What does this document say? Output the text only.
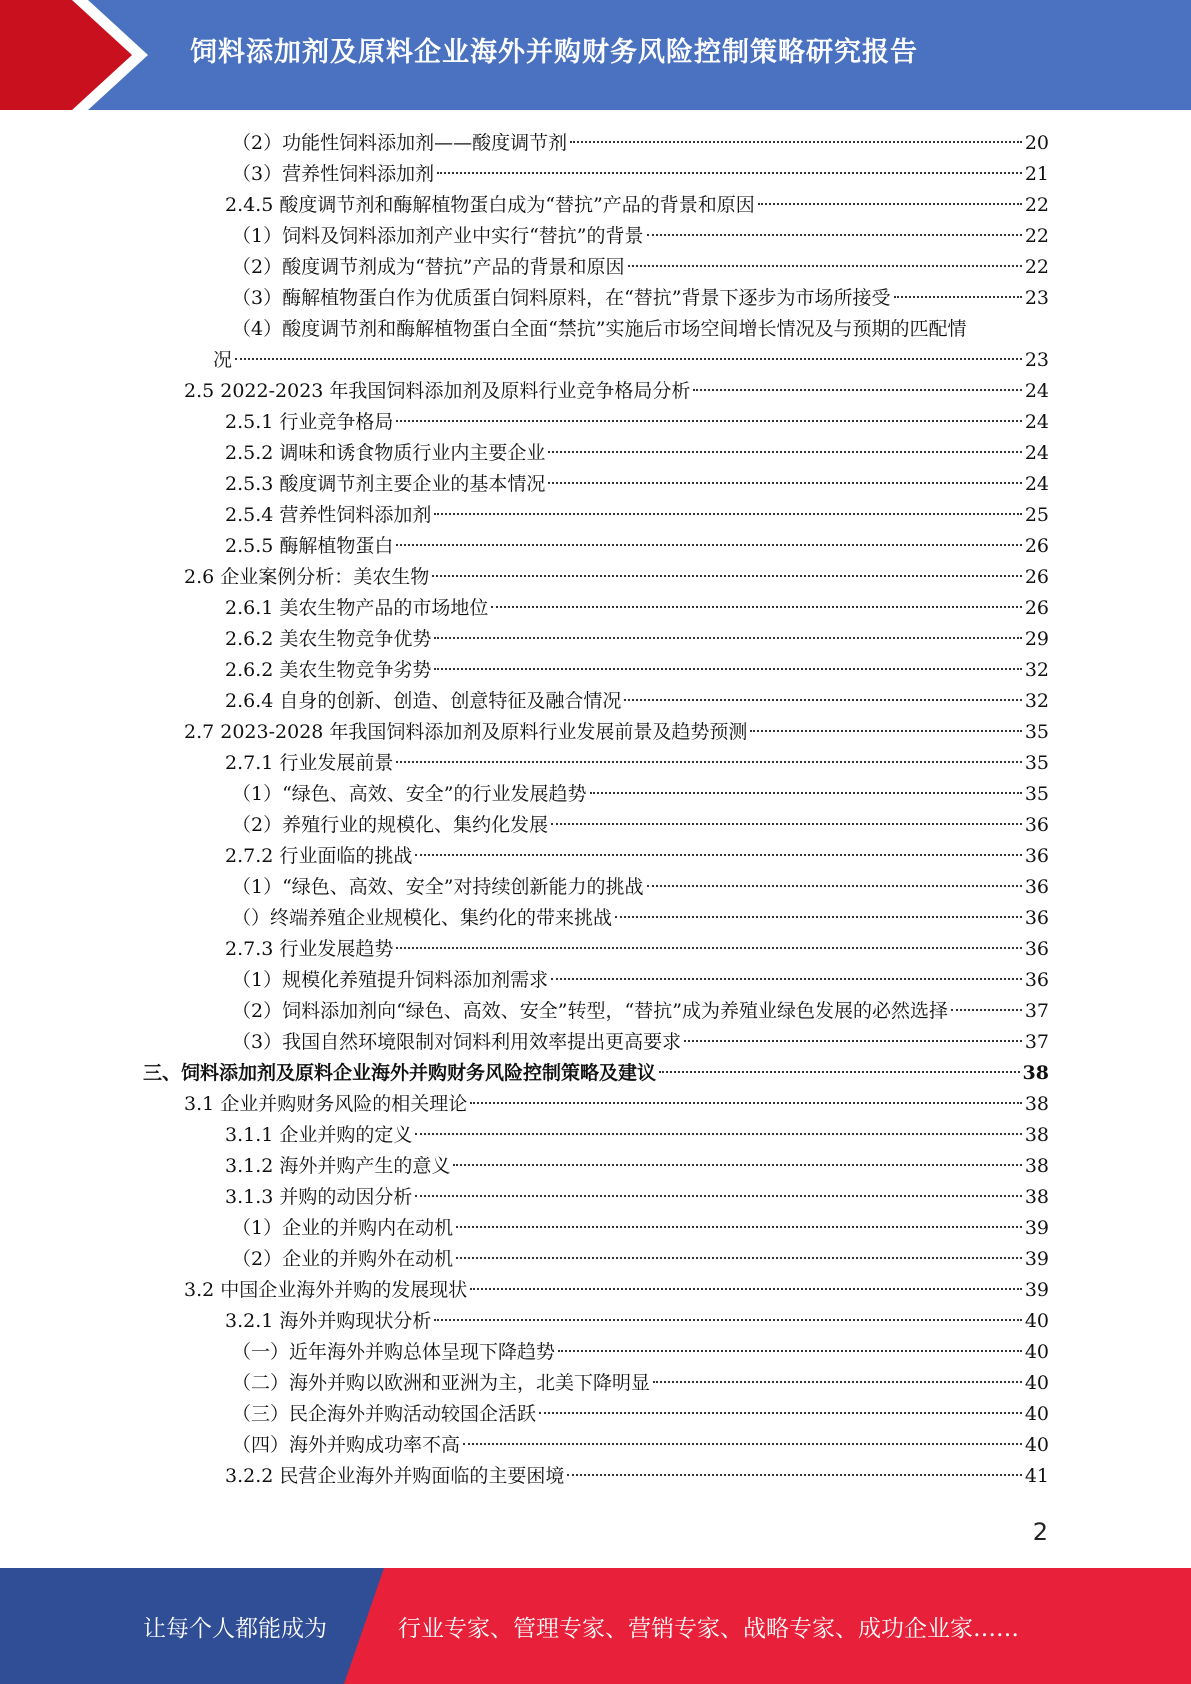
饲料添加剂及原料企业海外并购财务风险控制策略研究报告
（2）功能性饲料添加剂——酸度调节剂	20
（3）营养性饲料添加剂	21
2.4.5 酸度调节剂和酶解植物蛋白成为“替抗”产品的背景和原因	22
（1）饲料及饲料添加剂产业中实行“替抗”的背景	22
（2）酸度调节剂成为“替抗”产品的背景和原因	22
（3）酶解植物蛋白作为优质蛋白饲料原料，在“替抗”背景下逐步为市场所接受	23
（4）酸度调节剂和酶解植物蛋白全面“禁抗”实施后市场空间增长情况及与预期的匹配情
况	23
2.5 2022-2023 年我国饲料添加剂及原料行业竞争格局分析	24
2.5.1 行业竞争格局	24
2.5.2 调味和诱食物质行业内主要企业	24
2.5.3 酸度调节剂主要企业的基本情况	24
2.5.4 营养性饲料添加剂	25
2.5.5 酶解植物蛋白	26
2.6 企业案例分析：美农生物	26
2.6.1 美农生物产品的市场地位	26
2.6.2 美农生物竞争优势	29
2.6.2 美农生物竞争劣势	32
2.6.4 自身的创新、创造、创意特征及融合情况	32
2.7 2023-2028 年我国饲料添加剂及原料行业发展前景及趋势预测	35
2.7.1 行业发展前景	35
（1）“绿色、高效、安全”的行业发展趋势	35
（2）养殖行业的规模化、集约化发展	36
2.7.2 行业面临的挑战	36
（1）“绿色、高效、安全”对持续创新能力的挑战	36
（）终端养殖企业规模化、集约化的带来挑战	36
2.7.3 行业发展趋势	36
（1）规模化养殖提升饲料添加剂需求	36
（2）饲料添加剂向“绿色、高效、安全”转型，“替抗”成为养殖业绿色发展的必然选择	37
（3）我国自然环境限制对饲料利用效率提出更高要求	37
三、饲料添加剂及原料企业海外并购财务风险控制策略及建议	38
3.1 企业并购财务风险的相关理论	38
3.1.1 企业并购的定义	38
3.1.2 海外并购产生的意义	38
3.1.3 并购的动因分析	38
（1）企业的并购内在动机	39
（2）企业的并购外在动机	39
3.2 中国企业海外并购的发展现状	39
3.2.1 海外并购现状分析	40
（一）近年海外并购总体呈现下降趋势	40
（二）海外并购以欧洲和亚洲为主，北美下降明显	40
（三）民企海外并购活动较国企活跃	40
（四）海外并购成功率不高	40
3.2.2 民营企业海外并购面临的主要困境	41
2
让每个人都能成为	行业专家、管理专家、营销专家、战略专家、成功企业家……
